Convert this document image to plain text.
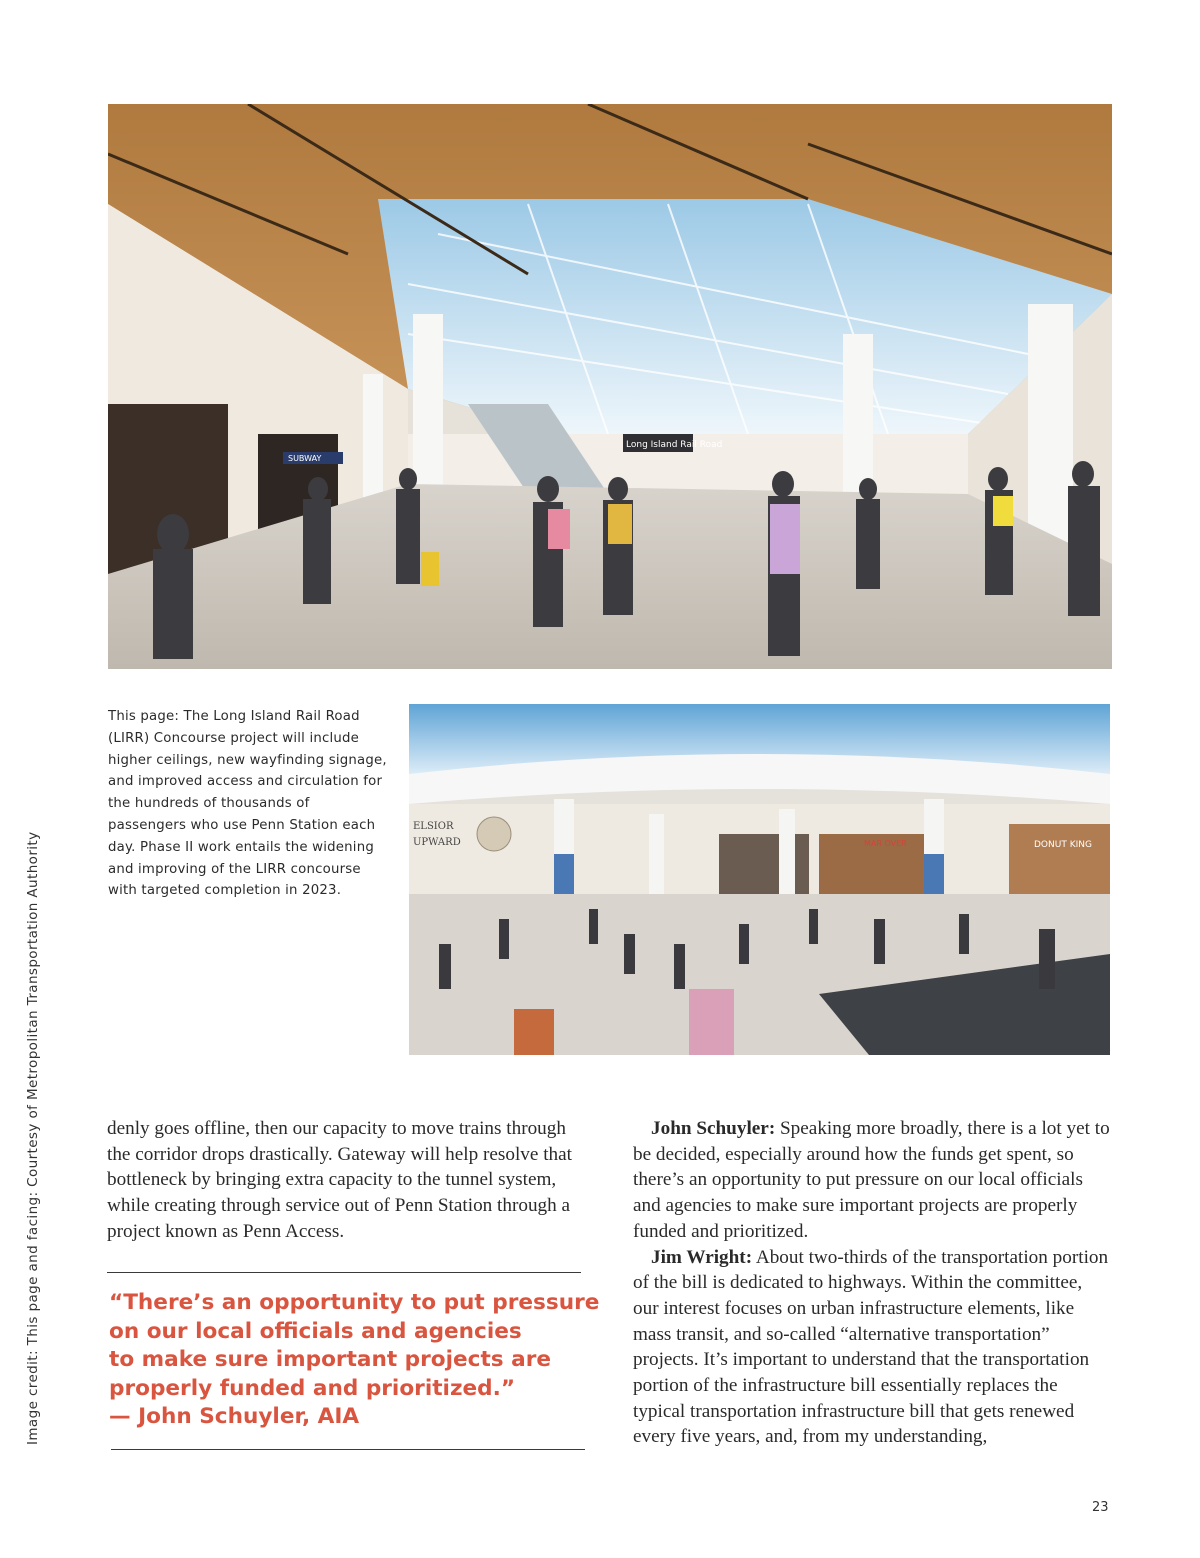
Image credit: This page and facing: Courtesy of Metropolitan Transportation Authority
Long Island Rail Road
SUBWAY
This page: The Long Island Rail Road (LIRR) Concourse project will include higher ceilings, new wayfinding signage, and improved access and circulation for the hundreds of thousands of passengers who use Penn Station each day. Phase II work entails the widening and improving of the LIRR concourse with targeted completion in 2023.
MAR OVER	DONUT KING
ELSIOR
UPWARD

denly goes offline, then our capacity to move trains through the corridor drops drastically. Gateway will help resolve that bottleneck by bringing extra capacity to the tunnel system, while creating through service out of Penn Station through a project known as Penn Access.

“There’s an opportunity to put pressure
on our local officials and agencies
to make sure important projects are
properly funded and prioritized.”
— John Schuyler, AIA

John Schuyler: Speaking more broadly, there is a lot yet to be decided, especially around how the funds get spent, so there’s an opportunity to put pressure on our local officials and agencies to make sure important projects are properly funded and prioritized.

Jim Wright: About two-thirds of the transportation portion of the bill is dedicated to highways. Within the committee, our interest focuses on urban infrastructure elements, like mass transit, and so-called “alternative transportation” projects. It’s important to understand that the transportation portion of the infrastructure bill essentially replaces the typical transportation infrastructure bill that gets renewed every five years, and, from my understanding,

23
